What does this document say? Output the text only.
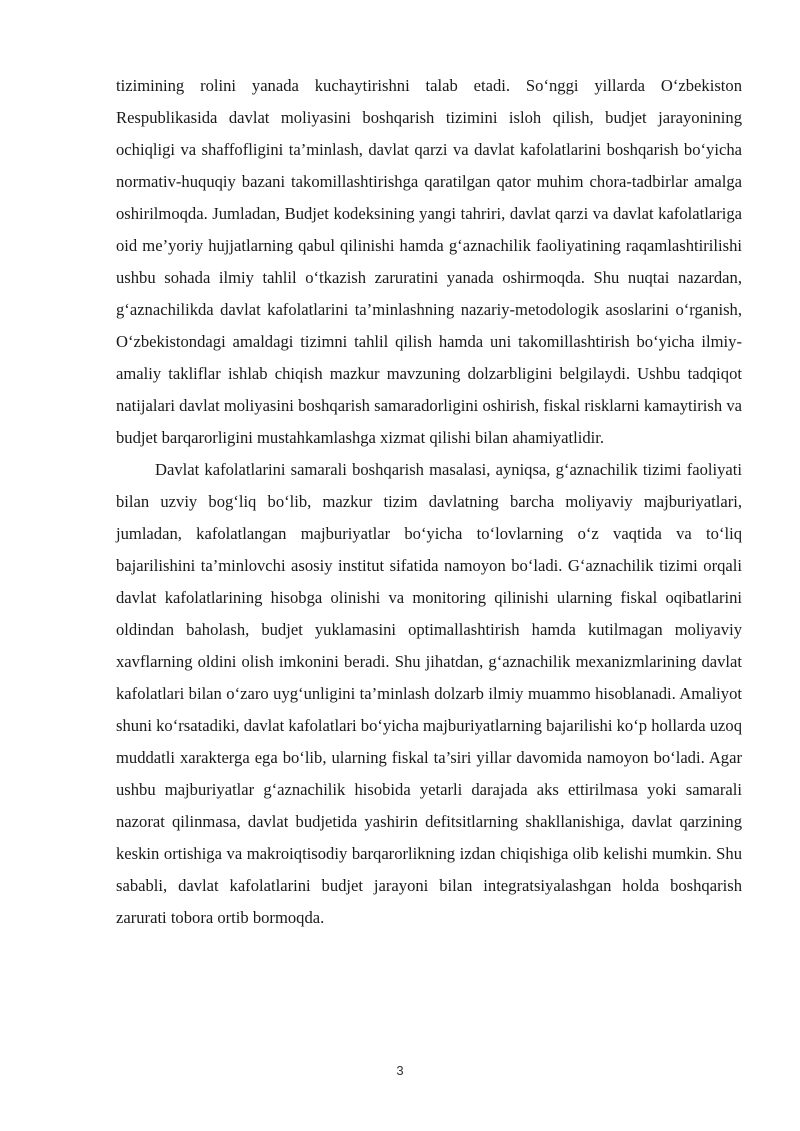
tizimining rolini yanada kuchaytirishni talab etadi. So‘nggi yillarda O‘zbekiston Respublikasida davlat moliyasini boshqarish tizimini isloh qilish, budjet jarayonining ochiqligi va shaffofligini ta’minlash, davlat qarzi va davlat kafolatlarini boshqarish bo‘yicha normativ-huquqiy bazani takomillashtirishga qaratilgan qator muhim chora-tadbirlar amalga oshirilmoqda. Jumladan, Budjet kodeksining yangi tahriri, davlat qarzi va davlat kafolatlariga oid me’yoriy hujjatlarning qabul qilinishi hamda g‘aznachilik faoliyatining raqamlashtirilishi ushbu sohada ilmiy tahlil o‘tkazish zaruratini yanada oshirmoqda. Shu nuqtai nazardan, g‘aznachilikda davlat kafolatlarini ta’minlashning nazariy-metodologik asoslarini o‘rganish, O‘zbekistondagi amaldagi tizimni tahlil qilish hamda uni takomillashtirish bo‘yicha ilmiy-amaliy takliflar ishlab chiqish mazkur mavzuning dolzarbligini belgilaydi. Ushbu tadqiqot natijalari davlat moliyasini boshqarish samaradorligini oshirish, fiskal risklarni kamaytirish va budjet barqarorligini mustahkamlashga xizmat qilishi bilan ahamiyatlidir.

Davlat kafolatlarini samarali boshqarish masalasi, ayniqsa, g‘aznachilik tizimi faoliyati bilan uzviy bog‘liq bo‘lib, mazkur tizim davlatning barcha moliyaviy majburiyatlari, jumladan, kafolatlangan majburiyatlar bo‘yicha to‘lovlarning o‘z vaqtida va to‘liq bajarilishini ta’minlovchi asosiy institut sifatida namoyon bo‘ladi. G‘aznachilik tizimi orqali davlat kafolatlarining hisobga olinishi va monitoring qilinishi ularning fiskal oqibatlarini oldindan baholash, budjet yuklamasini optimallashtirish hamda kutilmagan moliyaviy xavflarning oldini olish imkonini beradi. Shu jihatdan, g‘aznachilik mexanizmlarining davlat kafolatlari bilan o‘zaro uyg‘unligini ta’minlash dolzarb ilmiy muammo hisoblanadi. Amaliyot shuni ko‘rsatadiki, davlat kafolatlari bo‘yicha majburiyatlarning bajarilishi ko‘p hollarda uzoq muddatli xarakterga ega bo‘lib, ularning fiskal ta’siri yillar davomida namoyon bo‘ladi. Agar ushbu majburiyatlar g‘aznachilik hisobida yetarli darajada aks ettirilmasa yoki samarali nazorat qilinmasa, davlat budjetida yashirin defitsitlarning shakllanishiga, davlat qarzining keskin ortishiga va makroiqtisodiy barqarorlikning izdan chiqishiga olib kelishi mumkin. Shu sababli, davlat kafolatlarini budjet jarayoni bilan integratsiyalashgan holda boshqarish zarurati tobora ortib bormoqda.

3
